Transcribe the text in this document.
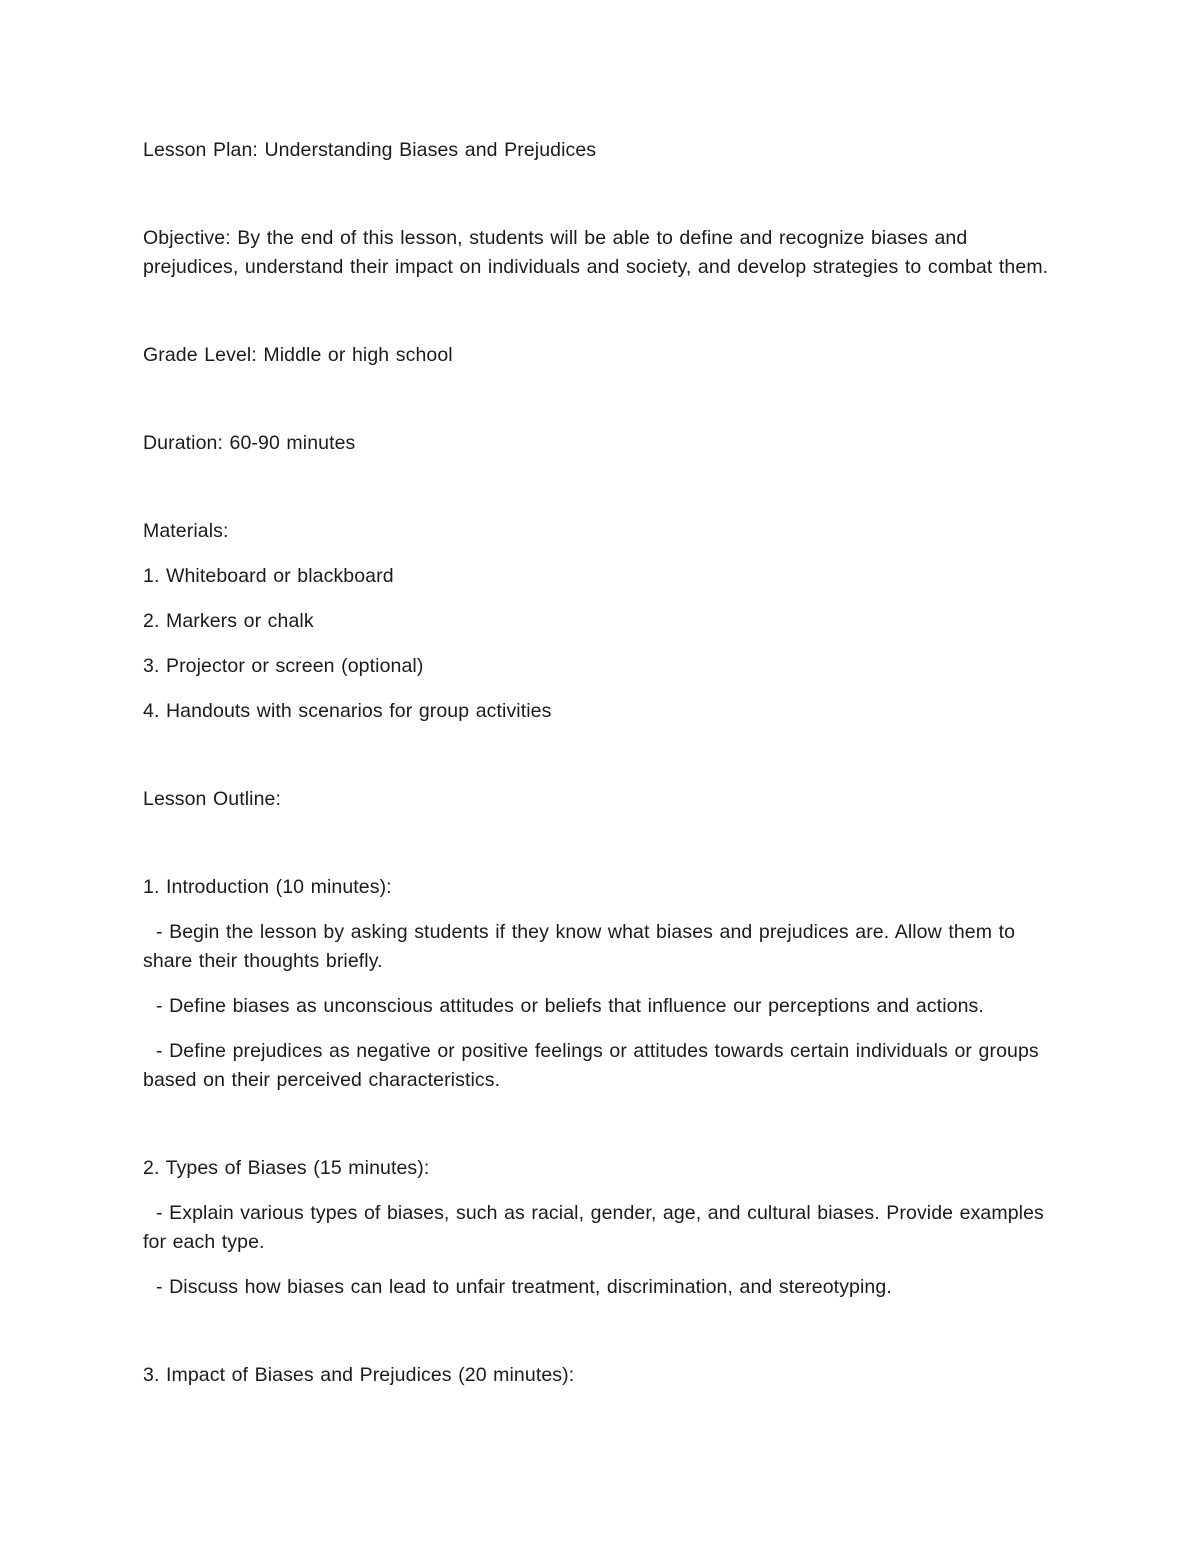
Lesson Plan: Understanding Biases and Prejudices

Objective: By the end of this lesson, students will be able to define and recognize biases and prejudices, understand their impact on individuals and society, and develop strategies to combat them.

Grade Level: Middle or high school

Duration: 60-90 minutes

Materials:

1. Whiteboard or blackboard

2. Markers or chalk

3. Projector or screen (optional)

4. Handouts with scenarios for group activities

Lesson Outline:

1. Introduction (10 minutes):

- Begin the lesson by asking students if they know what biases and prejudices are. Allow them to share their thoughts briefly.

- Define biases as unconscious attitudes or beliefs that influence our perceptions and actions.

- Define prejudices as negative or positive feelings or attitudes towards certain individuals or groups based on their perceived characteristics.

2. Types of Biases (15 minutes):

- Explain various types of biases, such as racial, gender, age, and cultural biases. Provide examples for each type.

- Discuss how biases can lead to unfair treatment, discrimination, and stereotyping.

3. Impact of Biases and Prejudices (20 minutes):
